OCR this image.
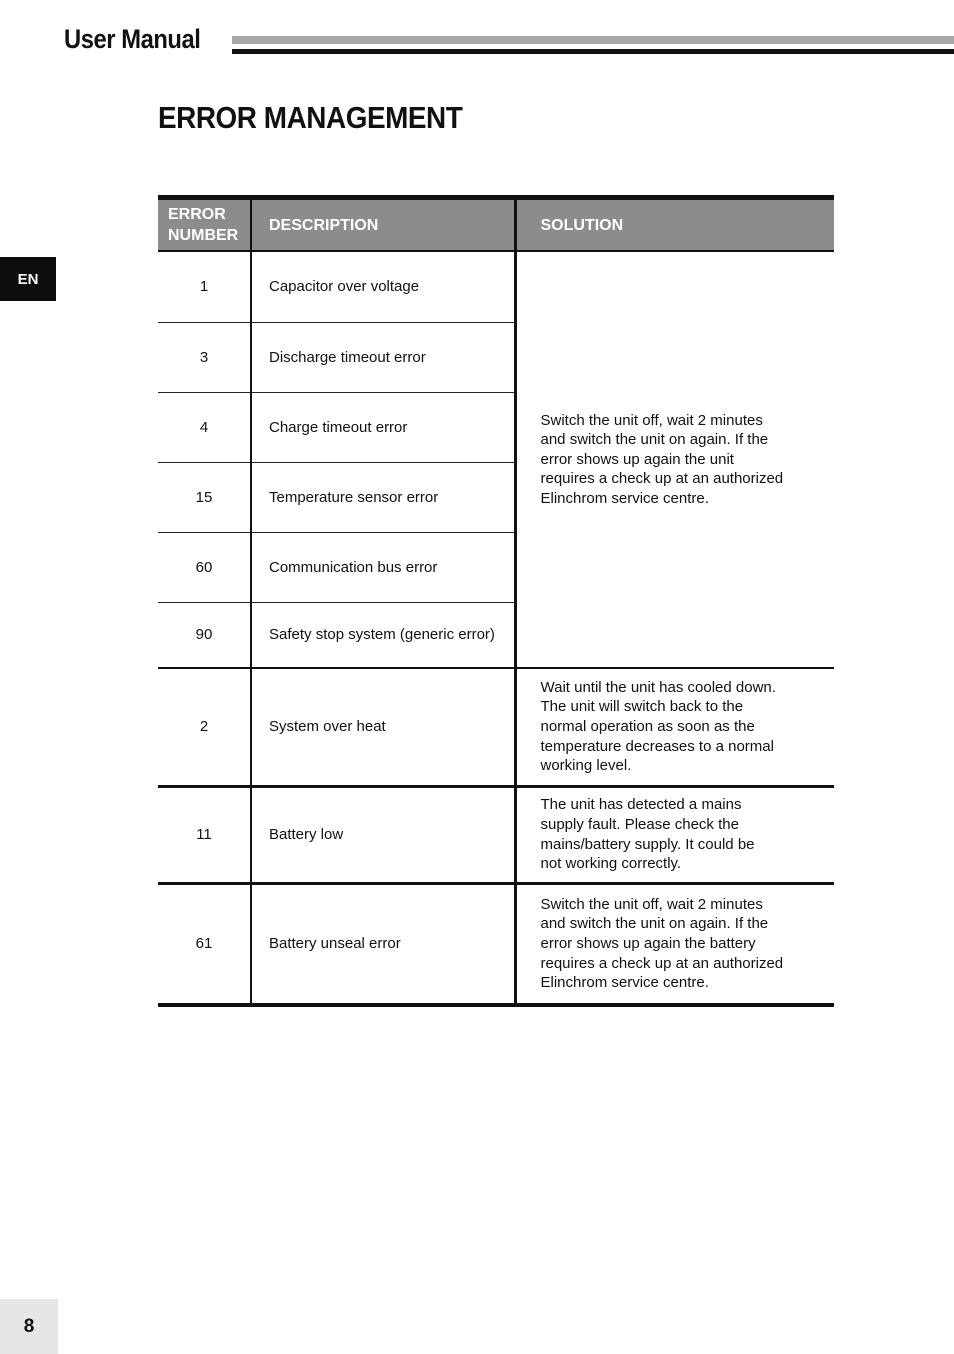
User Manual
EN
ERROR MANAGEMENT
ERROR
NUMBER	DESCRIPTION	SOLUTION
1	Capacitor over voltage	Switch the unit off, wait 2 minutes
and switch the unit on again. If the
error shows up again the unit
requires a check up at an authorized
Elinchrom service centre.
3	Discharge timeout error	
4	Charge timeout error	
15	Temperature sensor error	
60	Communication bus error	
90	Safety stop system (generic error)	
2	System over heat	Wait until the unit has cooled down.
The unit will switch back to the
normal operation as soon as the
temperature decreases to a normal
working level.
11	Battery low	The unit has detected a mains
supply fault. Please check the
mains/battery supply. It could be
not working correctly.
61	Battery unseal error	Switch the unit off, wait 2 minutes
and switch the unit on again. If the
error shows up again the battery
requires a check up at an authorized
Elinchrom service centre.
8
